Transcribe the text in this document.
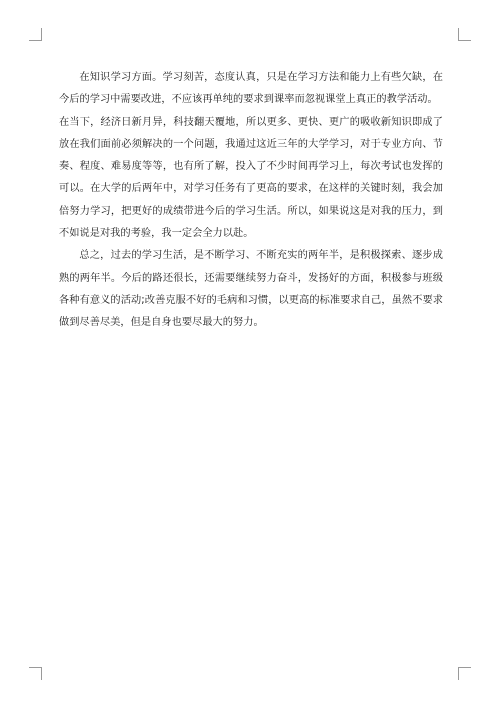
在知识学习方面。学习刻苦，态度认真，只是在学习方法和能力上有些欠缺，在今后的学习中需要改进，不应该再单纯的要求到课率而忽视课堂上真正的教学活动。

在当下，经济日新月异，科技翻天覆地，所以更多、更快、更广的吸收新知识即成了放在我们面前必须解决的一个问题，我通过这近三年的大学学习，对于专业方向、节奏、程度、难易度等等，也有所了解，投入了不少时间再学习上，每次考试也发挥的可以。在大学的后两年中，对学习任务有了更高的要求，在这样的关键时刻，我会加倍努力学习，把更好的成绩带进今后的学习生活。所以，如果说这是对我的压力，到不如说是对我的考验，我一定会全力以赴。

总之，过去的学习生活，是不断学习、不断充实的两年半，是积极探索、逐步成熟的两年半。今后的路还很长，还需要继续努力奋斗，发扬好的方面，积极参与班级各种有意义的活动;改善克服不好的毛病和习惯，以更高的标准要求自己，虽然不要求做到尽善尽美，但是自身也要尽最大的努力。
